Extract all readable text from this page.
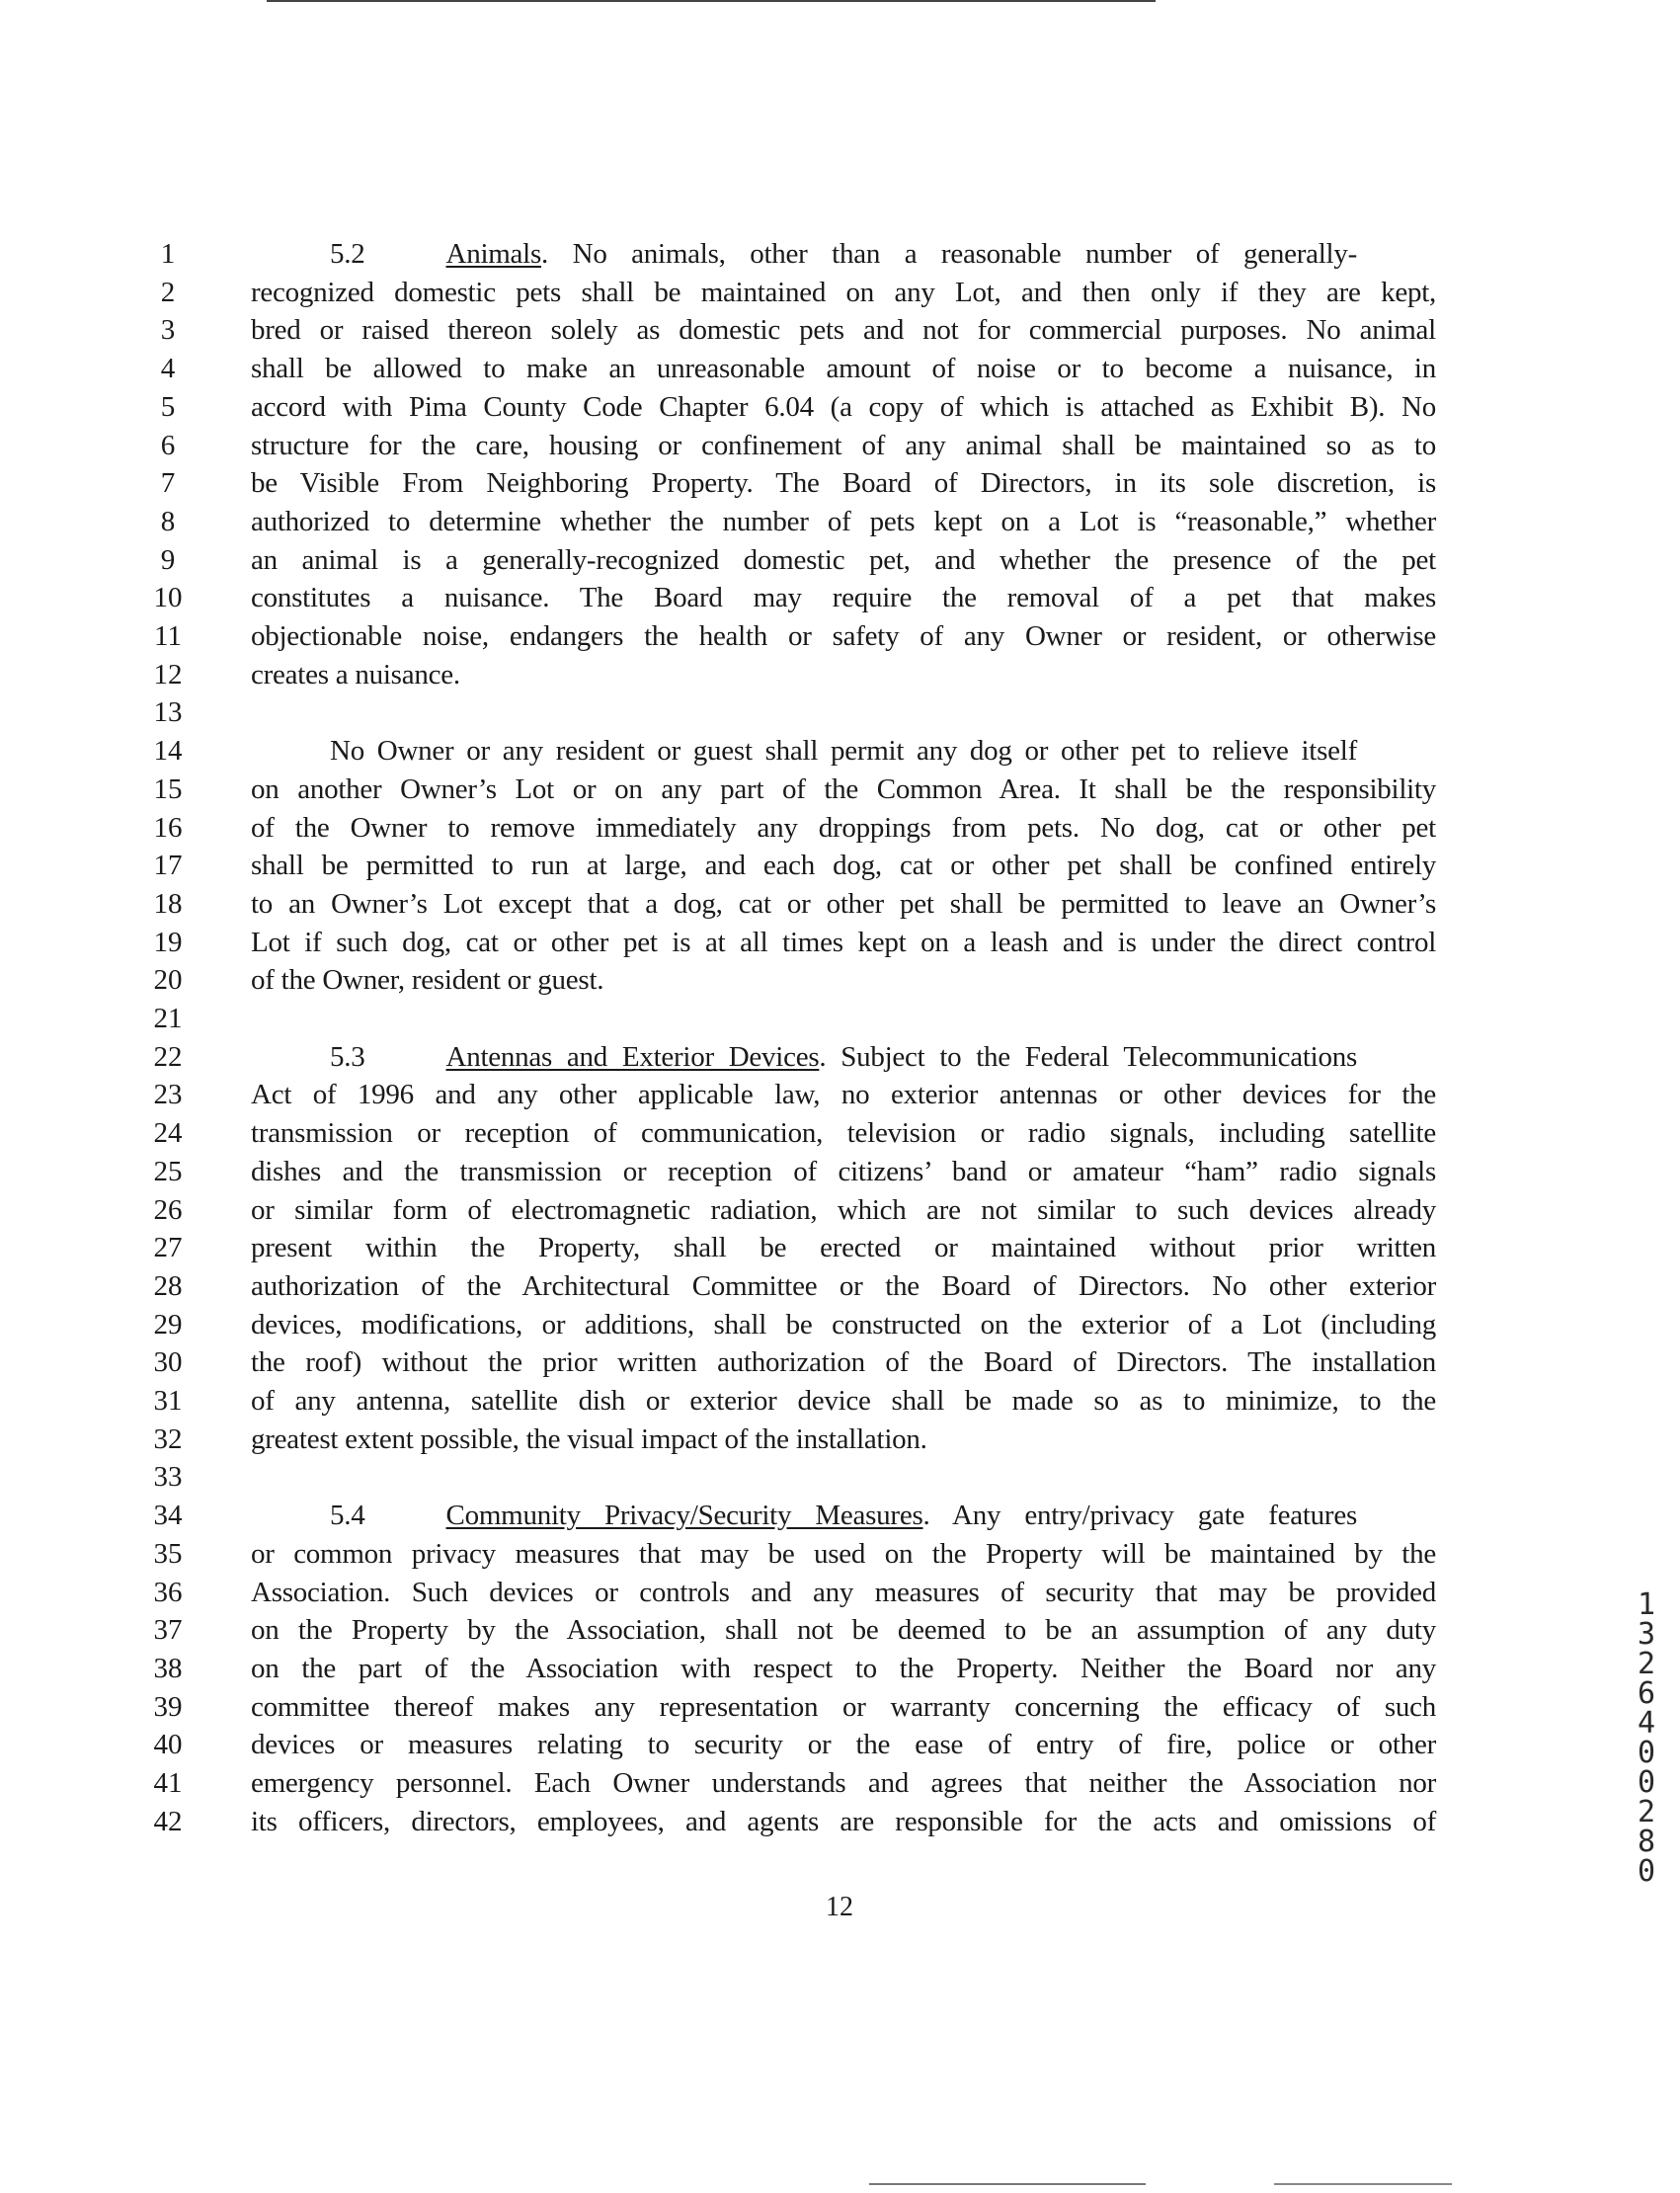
1	5.2	Animals. No animals, other than a reasonable number of generally-
2	recognized domestic pets shall be maintained on any Lot, and then only if they are kept,
3	bred or raised thereon solely as domestic pets and not for commercial purposes. No animal
4	shall be allowed to make an unreasonable amount of noise or to become a nuisance, in
5	accord with Pima County Code Chapter 6.04 (a copy of which is attached as Exhibit B). No
6	structure for the care, housing or confinement of any animal shall be maintained so as to
7	be Visible From Neighboring Property. The Board of Directors, in its sole discretion, is
8	authorized to determine whether the number of pets kept on a Lot is “reasonable,” whether
9	an animal is a generally-recognized domestic pet, and whether the presence of the pet
10	constitutes a nuisance. The Board may require the removal of a pet that makes
11	objectionable noise, endangers the health or safety of any Owner or resident, or otherwise
12	creates a nuisance.
13
14	No Owner or any resident or guest shall permit any dog or other pet to relieve itself
15	on another Owner’s Lot or on any part of the Common Area. It shall be the responsibility
16	of the Owner to remove immediately any droppings from pets. No dog, cat or other pet
17	shall be permitted to run at large, and each dog, cat or other pet shall be confined entirely
18	to an Owner’s Lot except that a dog, cat or other pet shall be permitted to leave an Owner’s
19	Lot if such dog, cat or other pet is at all times kept on a leash and is under the direct control
20	of the Owner, resident or guest.
21
22	5.3	Antennas and Exterior Devices. Subject to the Federal Telecommunications
23	Act of 1996 and any other applicable law, no exterior antennas or other devices for the
24	transmission or reception of communication, television or radio signals, including satellite
25	dishes and the transmission or reception of citizens’ band or amateur “ham” radio signals
26	or similar form of electromagnetic radiation, which are not similar to such devices already
27	present within the Property, shall be erected or maintained without prior written
28	authorization of the Architectural Committee or the Board of Directors. No other exterior
29	devices, modifications, or additions, shall be constructed on the exterior of a Lot (including
30	the roof) without the prior written authorization of the Board of Directors. The installation
31	of any antenna, satellite dish or exterior device shall be made so as to minimize, to the
32	greatest extent possible, the visual impact of the installation.
33
34	5.4	Community Privacy/Security Measures. Any entry/privacy gate features
35	or common privacy measures that may be used on the Property will be maintained by the
36	Association. Such devices or controls and any measures of security that may be provided
37	on the Property by the Association, shall not be deemed to be an assumption of any duty
38	on the part of the Association with respect to the Property. Neither the Board nor any
39	committee thereof makes any representation or warranty concerning the efficacy of such
40	devices or measures relating to security or the ease of entry of fire, police or other
41	emergency personnel. Each Owner understands and agrees that neither the Association nor
42	its officers, directors, employees, and agents are responsible for the acts and omissions of
12
13264 00280
